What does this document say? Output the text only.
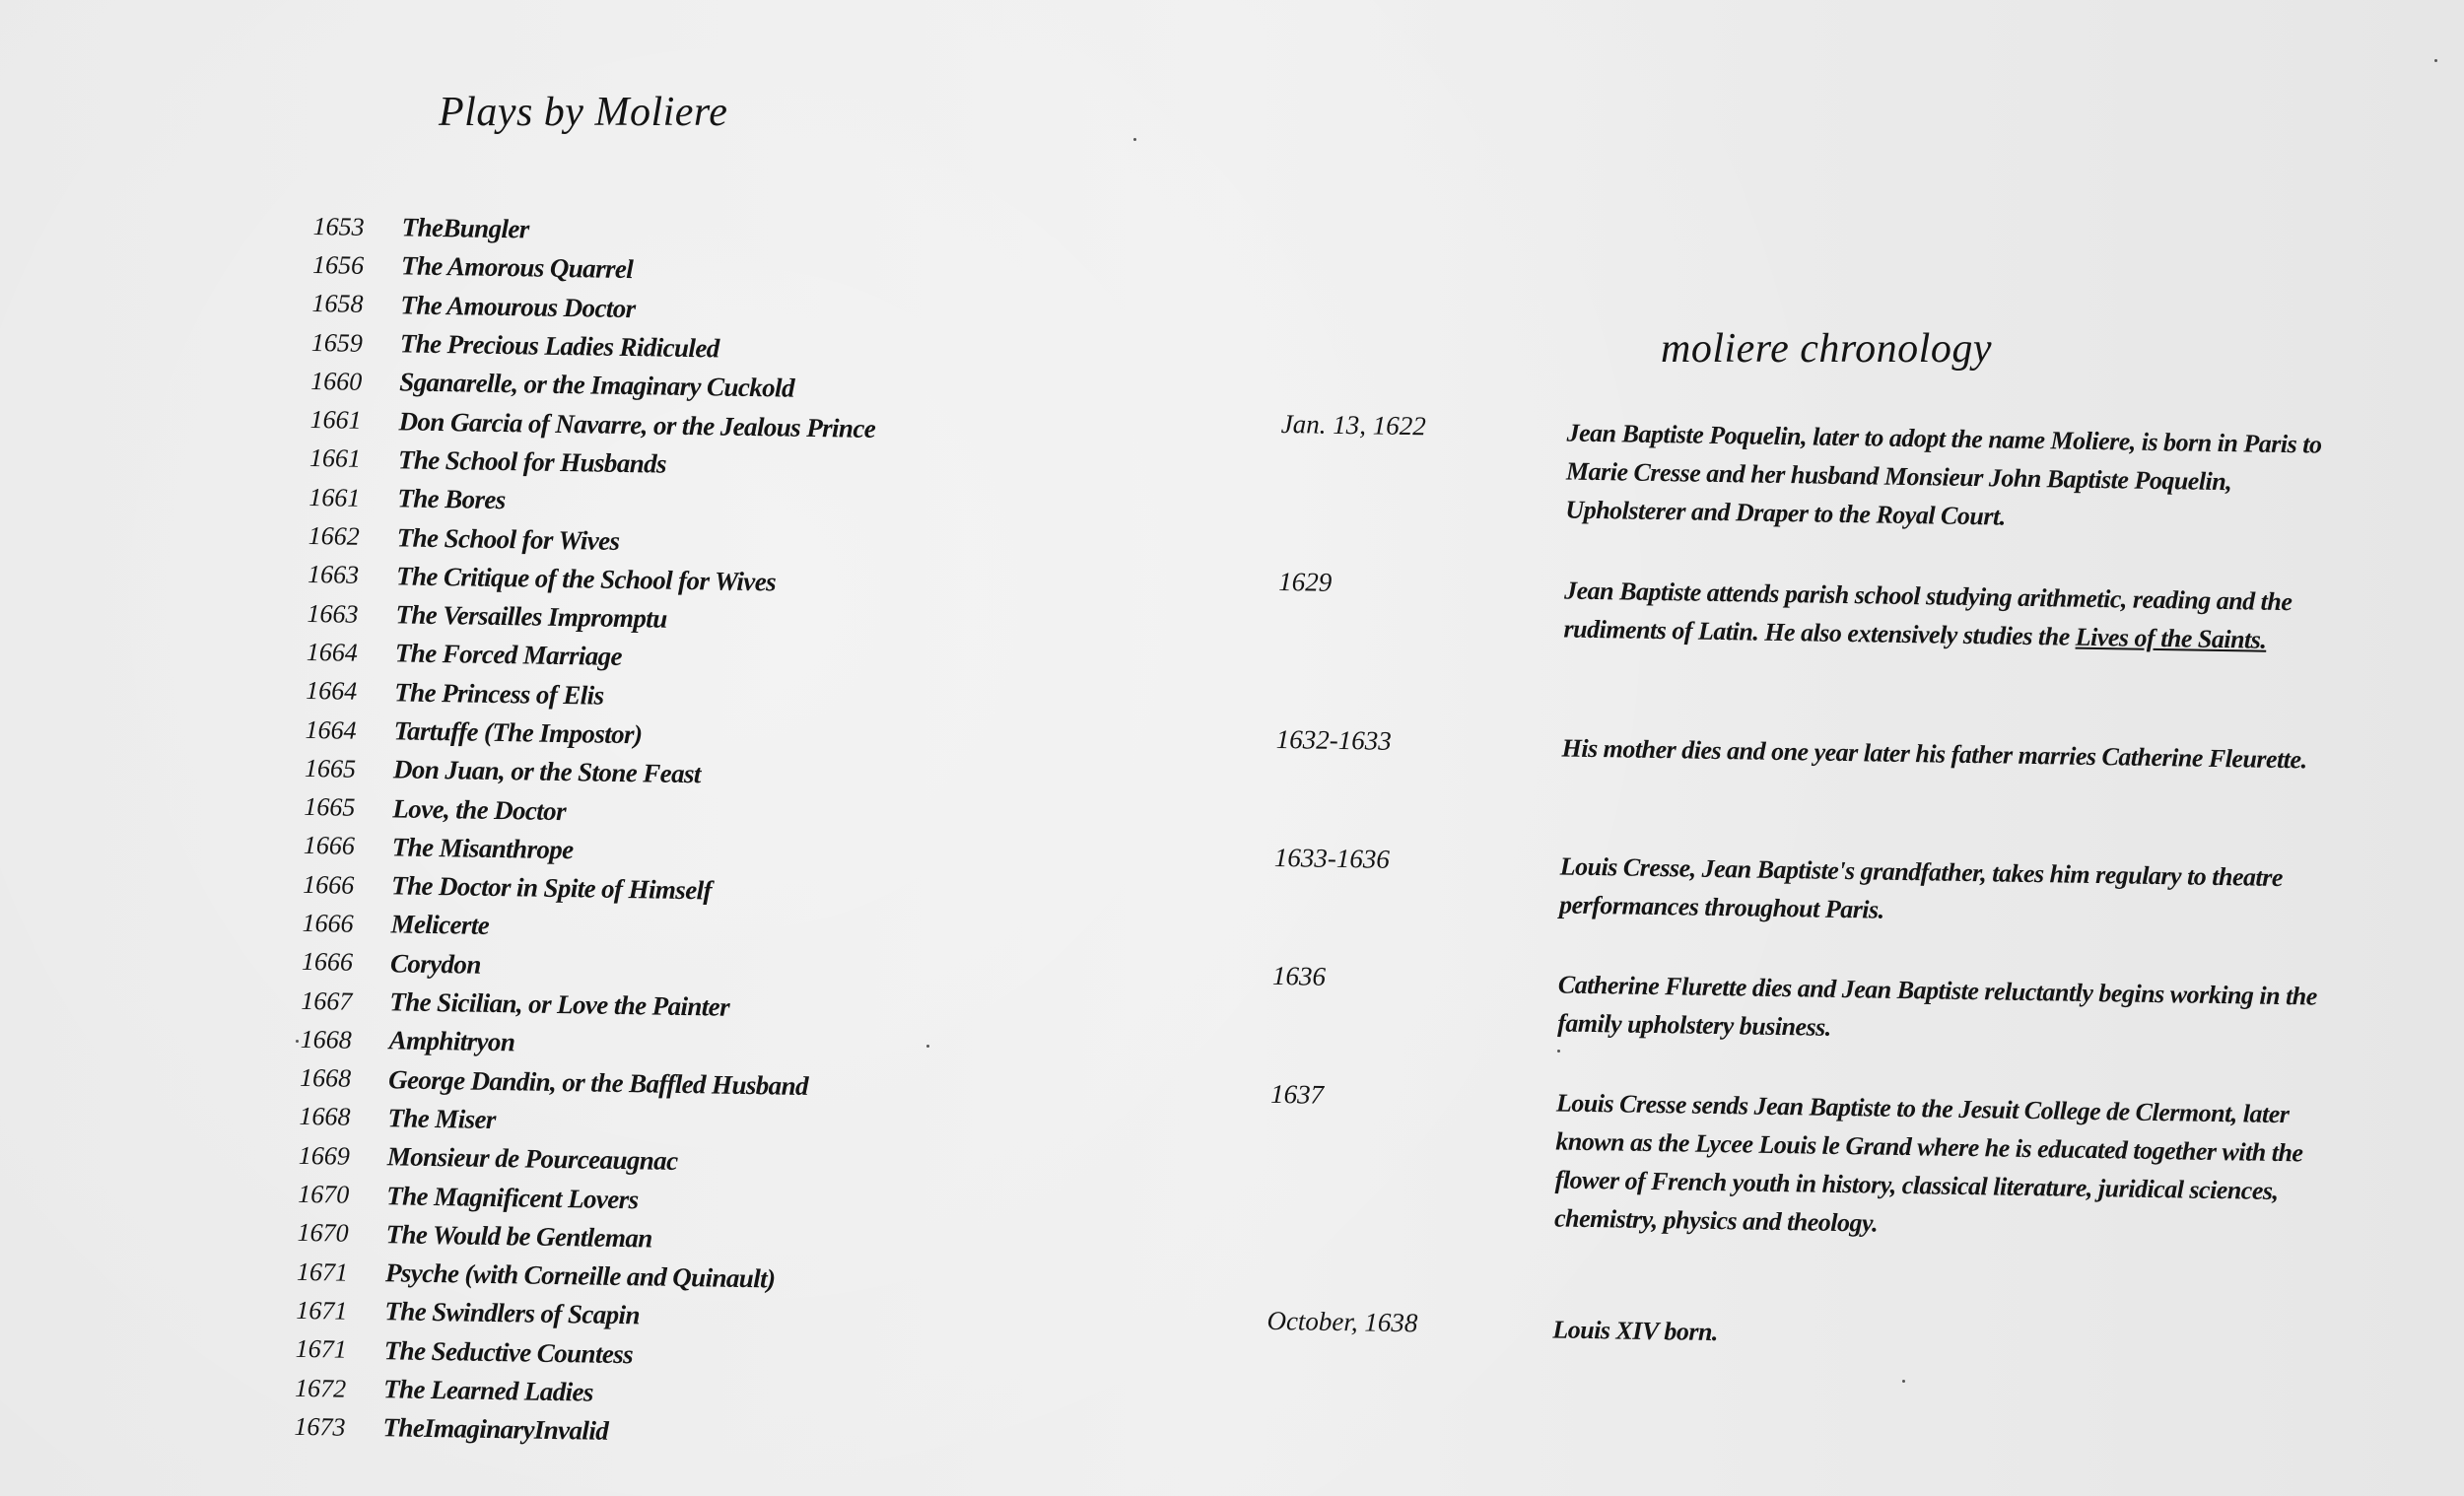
Plays by Moliere
1653	TheBungler
1656	The Amorous Quarrel
1658	The Amourous Doctor
1659	The Precious Ladies Ridiculed
1660	Sganarelle, or the Imaginary Cuckold
1661	Don Garcia of Navarre, or the Jealous Prince
1661	The School for Husbands
1661	The Bores
1662	The School for Wives
1663	The Critique of the School for Wives
1663	The Versailles Impromptu
1664	The Forced Marriage
1664	The Princess of Elis
1664	Tartuffe (The Impostor)
1665	Don Juan, or the Stone Feast
1665	Love, the Doctor
1666	The Misanthrope
1666	The Doctor in Spite of Himself
1666	Melicerte
1666	Corydon
1667	The Sicilian, or Love the Painter
1668	Amphitryon
1668	George Dandin, or the Baffled Husband
1668	The Miser
1669	Monsieur de Pourceaugnac
1670	The Magnificent Lovers
1670	The Would be Gentleman
1671	Psyche (with Corneille and Quinault)
1671	The Swindlers of Scapin
1671	The Seductive Countess
1672	The Learned Ladies
1673	TheImaginaryInvalid
moliere chronology
Jan. 13, 1622	Jean Baptiste Poquelin, later to adopt the name Moliere, is born in Paris to Marie Cresse and her husband Monsieur John Baptiste Poquelin, Upholsterer and Draper to the Royal Court.
1629	Jean Baptiste attends parish school studying arithmetic, reading and the rudiments of Latin. He also extensively studies the Lives of the Saints.
1632-1633	His mother dies and one year later his father marries Catherine Fleurette.
1633-1636	Louis Cresse, Jean Baptiste's grandfather, takes him regulary to theatre performances throughout Paris.
1636	Catherine Flurette dies and Jean Baptiste reluctantly begins working in the family upholstery business.
1637	Louis Cresse sends Jean Baptiste to the Jesuit College de Clermont, later known as the Lycee Louis le Grand where he is educated together with the flower of French youth in history, classical literature, juridical sciences, chemistry, physics and theology.
October, 1638	Louis XIV born.
